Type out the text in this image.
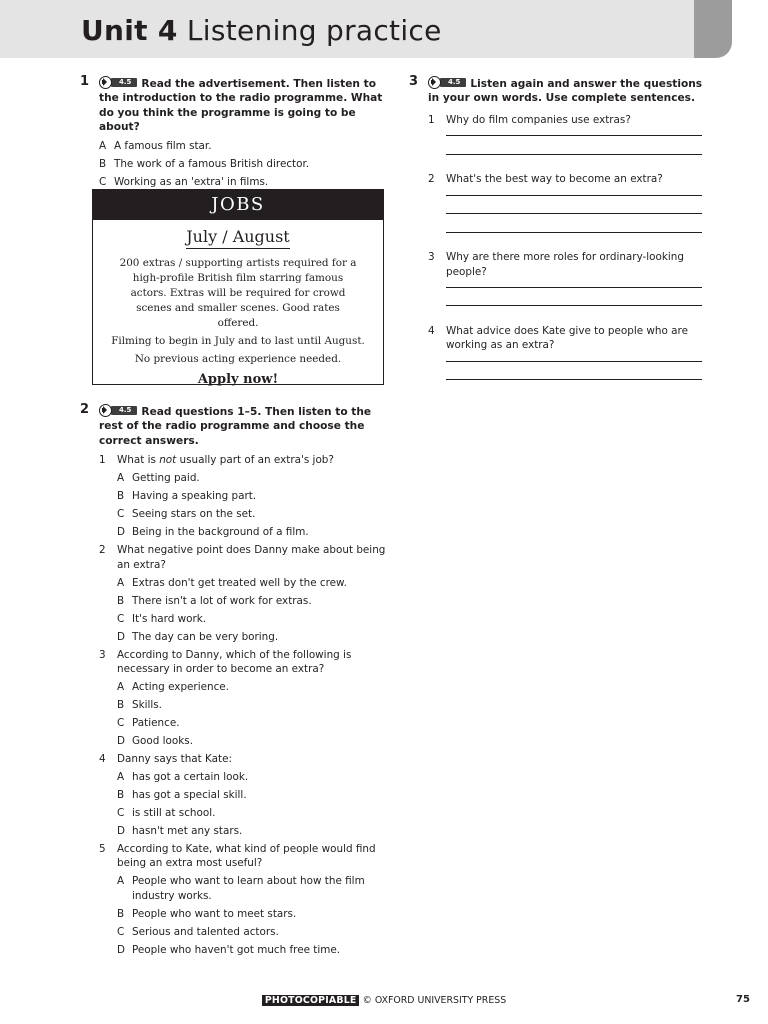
Unit 4 Listening practice
1	4.5 Read the advertisement. Then listen to the introduction to the radio programme. What do you think the programme is going to be about?
A A famous film star.
B The work of a famous British director.
C Working as an 'extra' in films.
JOBS
July / August
200 extras / supporting artists required for a high-profile British film starring famous actors. Extras will be required for crowd scenes and smaller scenes. Good rates offered.
Filming to begin in July and to last until August.
No previous acting experience needed.
Apply now!
2	4.5 Read questions 1–5. Then listen to the rest of the radio programme and choose the correct answers.
1 What is not usually part of an extra's job?
A Getting paid.
B Having a speaking part.
C Seeing stars on the set.
D Being in the background of a film.
2 What negative point does Danny make about being an extra?
A Extras don't get treated well by the crew.
B There isn't a lot of work for extras.
C It's hard work.
D The day can be very boring.
3 According to Danny, which of the following is necessary in order to become an extra?
A Acting experience.
B Skills.
C Patience.
D Good looks.
4 Danny says that Kate:
A has got a certain look.
B has got a special skill.
C is still at school.
D hasn't met any stars.
5 According to Kate, what kind of people would find being an extra most useful?
A People who want to learn about how the film industry works.
B People who want to meet stars.
C Serious and talented actors.
D People who haven't got much free time.
3	4.5 Listen again and answer the questions in your own words. Use complete sentences.
1 Why do film companies use extras?
2 What's the best way to become an extra?
3 Why are there more roles for ordinary-looking people?
4 What advice does Kate give to people who are working as an extra?
PHOTOCOPIABLE © OXFORD UNIVERSITY PRESS	75
